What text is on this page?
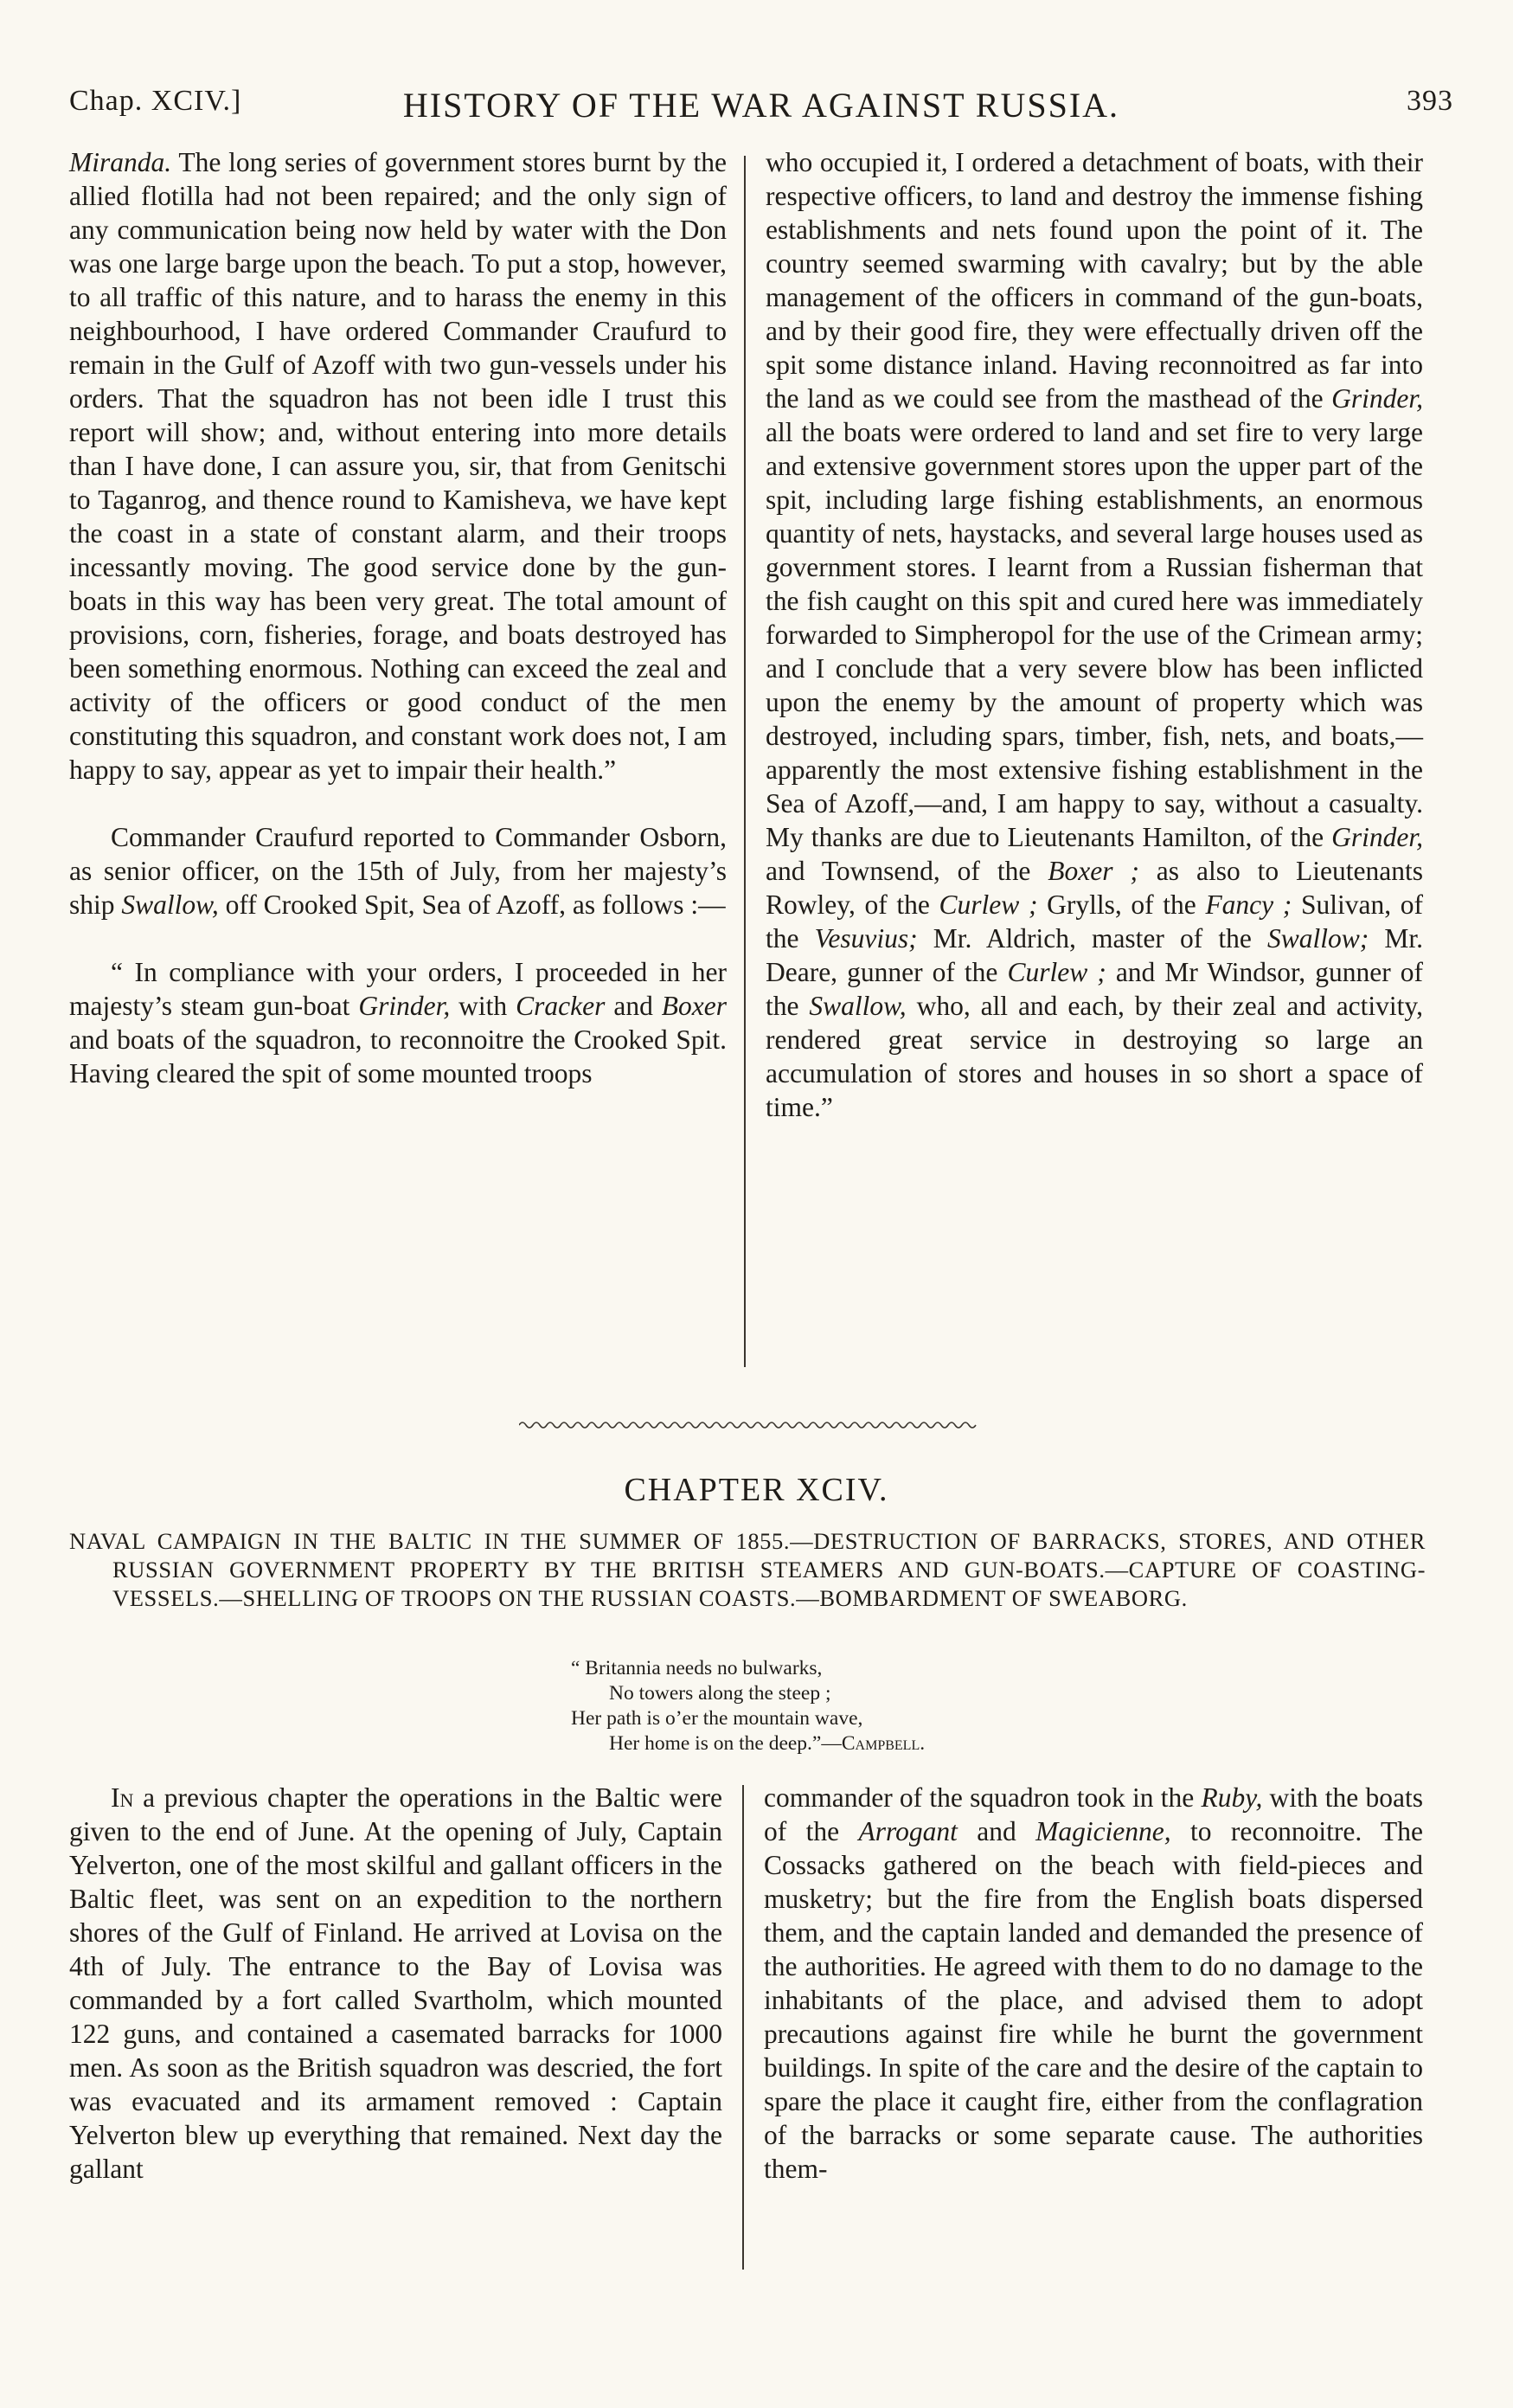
Chap. XCIV.]	HISTORY OF THE WAR AGAINST RUSSIA.	393

Miranda. The long series of government stores burnt by the allied flotilla had not been repaired; and the only sign of any communication being now held by water with the Don was one large barge upon the beach. To put a stop, however, to all traffic of this nature, and to harass the enemy in this neighbourhood, I have ordered Commander Craufurd to remain in the Gulf of Azoff with two gun-vessels under his orders. That the squadron has not been idle I trust this report will show; and, without entering into more details than I have done, I can assure you, sir, that from Genitschi to Taganrog, and thence round to Kamisheva, we have kept the coast in a state of constant alarm, and their troops incessantly moving. The good service done by the gun-boats in this way has been very great. The total amount of provisions, corn, fisheries, forage, and boats destroyed has been something enormous. Nothing can exceed the zeal and activity of the officers or good conduct of the men constituting this squadron, and constant work does not, I am happy to say, appear as yet to impair their health.”

Commander Craufurd reported to Commander Osborn, as senior officer, on the 15th of July, from her majesty’s ship Swallow, off Crooked Spit, Sea of Azoff, as follows :—

“ In compliance with your orders, I proceeded in her majesty’s steam gun-boat Grinder, with Cracker and Boxer and boats of the squadron, to reconnoitre the Crooked Spit. Having cleared the spit of some mounted troops

who occupied it, I ordered a detachment of boats, with their respective officers, to land and destroy the immense fishing establishments and nets found upon the point of it. The country seemed swarming with cavalry; but by the able management of the officers in command of the gun-boats, and by their good fire, they were effectually driven off the spit some distance inland. Having reconnoitred as far into the land as we could see from the masthead of the Grinder, all the boats were ordered to land and set fire to very large and extensive government stores upon the upper part of the spit, including large fishing establishments, an enormous quantity of nets, haystacks, and several large houses used as government stores. I learnt from a Russian fisherman that the fish caught on this spit and cured here was immediately forwarded to Simpheropol for the use of the Crimean army; and I conclude that a very severe blow has been inflicted upon the enemy by the amount of property which was destroyed, including spars, timber, fish, nets, and boats,—apparently the most extensive fishing establishment in the Sea of Azoff,—and, I am happy to say, without a casualty. My thanks are due to Lieutenants Hamilton, of the Grinder, and Townsend, of the Boxer ; as also to Lieutenants Rowley, of the Curlew ; Grylls, of the Fancy ; Sulivan, of the Vesuvius; Mr. Aldrich, master of the Swallow; Mr. Deare, gunner of the Curlew ; and Mr Windsor, gunner of the Swallow, who, all and each, by their zeal and activity, rendered great service in destroying so large an accumulation of stores and houses in so short a space of time.”

CHAPTER XCIV.
NAVAL CAMPAIGN IN THE BALTIC IN THE SUMMER OF 1855.—DESTRUCTION OF BARRACKS, STORES, AND OTHER RUSSIAN GOVERNMENT PROPERTY BY THE BRITISH STEAMERS AND GUN-BOATS.—CAPTURE OF COASTING-VESSELS.—SHELLING OF TROOPS ON THE RUSSIAN COASTS.—BOMBARDMENT OF SWEABORG.
“ Britannia needs no bulwarks,
No towers along the steep ;
Her path is o’er the mountain wave,
Her home is on the deep.”—Campbell.

In a previous chapter the operations in the Baltic were given to the end of June. At the opening of July, Captain Yelverton, one of the most skilful and gallant officers in the Baltic fleet, was sent on an expedition to the northern shores of the Gulf of Finland. He arrived at Lovisa on the 4th of July. The entrance to the Bay of Lovisa was commanded by a fort called Svartholm, which mounted 122 guns, and contained a casemated barracks for 1000 men. As soon as the British squadron was descried, the fort was evacuated and its armament removed : Captain Yelverton blew up everything that remained. Next day the gallant

commander of the squadron took in the Ruby, with the boats of the Arrogant and Magicienne, to reconnoitre. The Cossacks gathered on the beach with field-pieces and musketry; but the fire from the English boats dispersed them, and the captain landed and demanded the presence of the authorities. He agreed with them to do no damage to the inhabitants of the place, and advised them to adopt precautions against fire while he burnt the government buildings. In spite of the care and the desire of the captain to spare the place it caught fire, either from the conflagration of the barracks or some separate cause. The authorities them-
